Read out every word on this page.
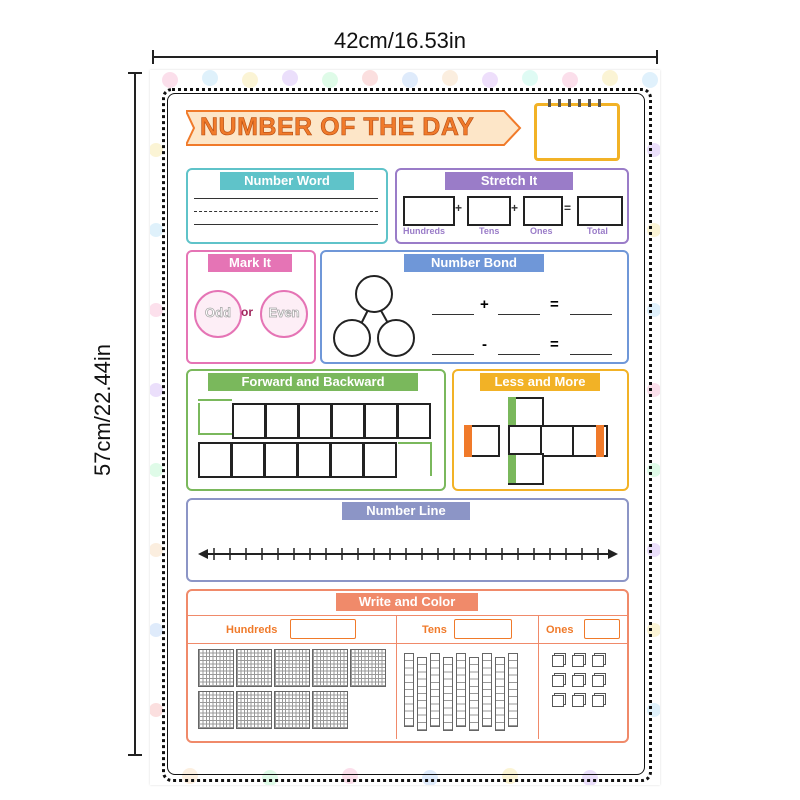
42cm/16.53in
57cm/22.44in
NUMBER OF THE DAY
Number Word	Stretch It
+	+	=
Hundreds	Tens	Ones	Total
Mark It
Odd or	Even
Number Bond
+	=
-	=
Forward and Backward	Less and More
Number Line
Write and Color
Hundreds	Tens	Ones
